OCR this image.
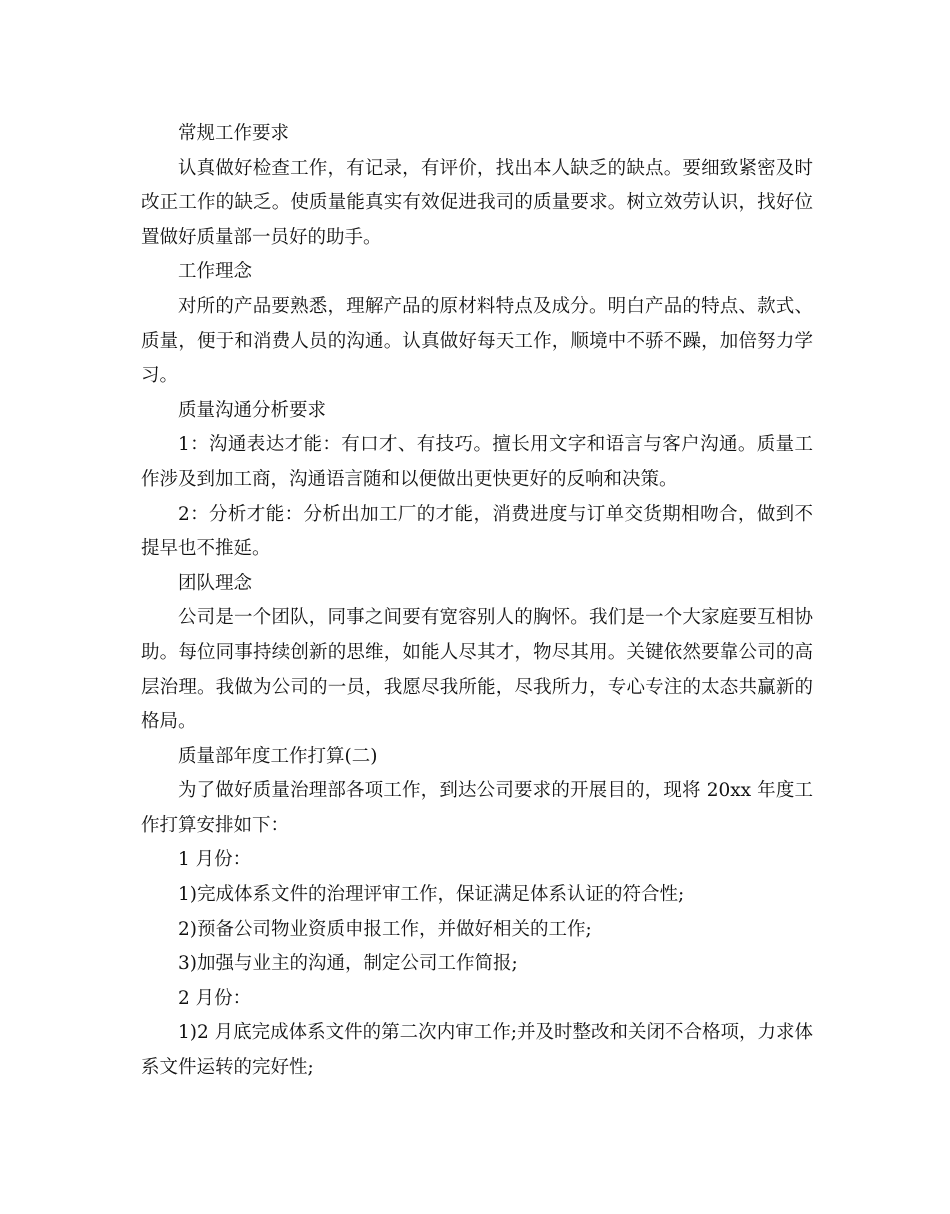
常规工作要求

认真做好检查工作，有记录，有评价，找出本人缺乏的缺点。要细致紧密及时改正工作的缺乏。使质量能真实有效促进我司的质量要求。树立效劳认识，找好位置做好质量部一员好的助手。

工作理念

对所的产品要熟悉，理解产品的原材料特点及成分。明白产品的特点、款式、质量，便于和消费人员的沟通。认真做好每天工作，顺境中不骄不躁，加倍努力学习。

质量沟通分析要求

1：沟通表达才能：有口才、有技巧。擅长用文字和语言与客户沟通。质量工作涉及到加工商，沟通语言随和以便做出更快更好的反响和决策。

2：分析才能：分析出加工厂的才能，消费进度与订单交货期相吻合，做到不提早也不推延。

团队理念

公司是一个团队，同事之间要有宽容别人的胸怀。我们是一个大家庭要互相协助。每位同事持续创新的思维，如能人尽其才，物尽其用。关键依然要靠公司的高层治理。我做为公司的一员，我愿尽我所能，尽我所力，专心专注的太态共赢新的格局。

质量部年度工作打算(二)

为了做好质量治理部各项工作，到达公司要求的开展目的，现将 20xx 年度工作打算安排如下：

1 月份：

1)完成体系文件的治理评审工作，保证满足体系认证的符合性;

2)预备公司物业资质申报工作，并做好相关的工作;

3)加强与业主的沟通，制定公司工作简报;

2 月份：

1)2 月底完成体系文件的第二次内审工作;并及时整改和关闭不合格项，力求体系文件运转的完好性;
